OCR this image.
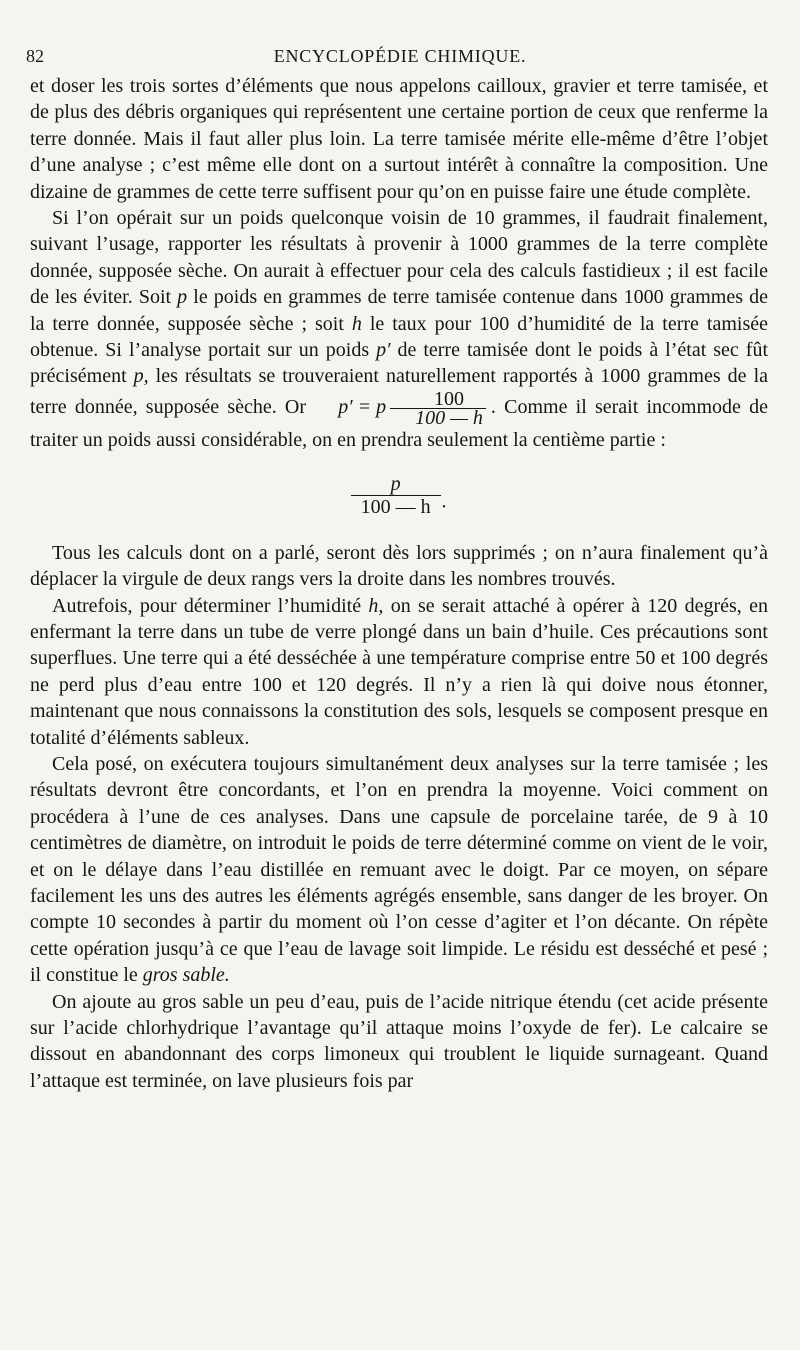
82	ENCYCLOPÉDIE CHIMIQUE.

et doser les trois sortes d’éléments que nous appelons cailloux, gravier et terre tamisée, et de plus des débris organiques qui représentent une certaine portion de ceux que renferme la terre donnée. Mais il faut aller plus loin. La terre tamisée mérite elle-même d’être l’objet d’une analyse ; c’est même elle dont on a surtout intérêt à connaître la composition. Une dizaine de grammes de cette terre suffisent pour qu’on en puisse faire une étude complète.

Si l’on opérait sur un poids quelconque voisin de 10 grammes, il faudrait finalement, suivant l’usage, rapporter les résultats à provenir à 1000 grammes de la terre complète donnée, supposée sèche. On aurait à effectuer pour cela des calculs fastidieux ; il est facile de les éviter. Soit p le poids en grammes de terre tamisée contenue dans 1000 grammes de la terre donnée, supposée sèche ; soit h le taux pour 100 d’humidité de la terre tamisée obtenue. Si l’analyse portait sur un poids p′ de terre tamisée dont le poids à l’état sec fût précisément p, les résultats se trouveraient naturellement rapportés à 1000 grammes de la terre donnée, supposée sèche. Or p′ = p $\frac{100}{100 — h}$ . Comme il serait incommode de traiter un poids aussi considérable, on en prendra seulement la centième partie :

$\frac{p}{100 — h}$ ·

Tous les calculs dont on a parlé, seront dès lors supprimés ; on n’aura finalement qu’à déplacer la virgule de deux rangs vers la droite dans les nombres trouvés.

Autrefois, pour déterminer l’humidité h, on se serait attaché à opérer à 120 degrés, en enfermant la terre dans un tube de verre plongé dans un bain d’huile. Ces précautions sont superflues. Une terre qui a été desséchée à une température comprise entre 50 et 100 degrés ne perd plus d’eau entre 100 et 120 degrés. Il n’y a rien là qui doive nous étonner, maintenant que nous connaissons la constitution des sols, lesquels se composent presque en totalité d’éléments sableux.

Cela posé, on exécutera toujours simultanément deux analyses sur la terre tamisée ; les résultats devront être concordants, et l’on en prendra la moyenne. Voici comment on procédera à l’une de ces analyses. Dans une capsule de porcelaine tarée, de 9 à 10 centimètres de diamètre, on introduit le poids de terre déterminé comme on vient de le voir, et on le délaye dans l’eau distillée en remuant avec le doigt. Par ce moyen, on sépare facilement les uns des autres les éléments agrégés ensemble, sans danger de les broyer. On compte 10 secondes à partir du moment où l’on cesse d’agiter et l’on décante. On répète cette opération jusqu’à ce que l’eau de lavage soit limpide. Le résidu est desséché et pesé ; il constitue le gros sable.

On ajoute au gros sable un peu d’eau, puis de l’acide nitrique étendu (cet acide présente sur l’acide chlorhydrique l’avantage qu’il attaque moins l’oxyde de fer). Le calcaire se dissout en abandonnant des corps limoneux qui troublent le liquide surnageant. Quand l’attaque est terminée, on lave plusieurs fois par
